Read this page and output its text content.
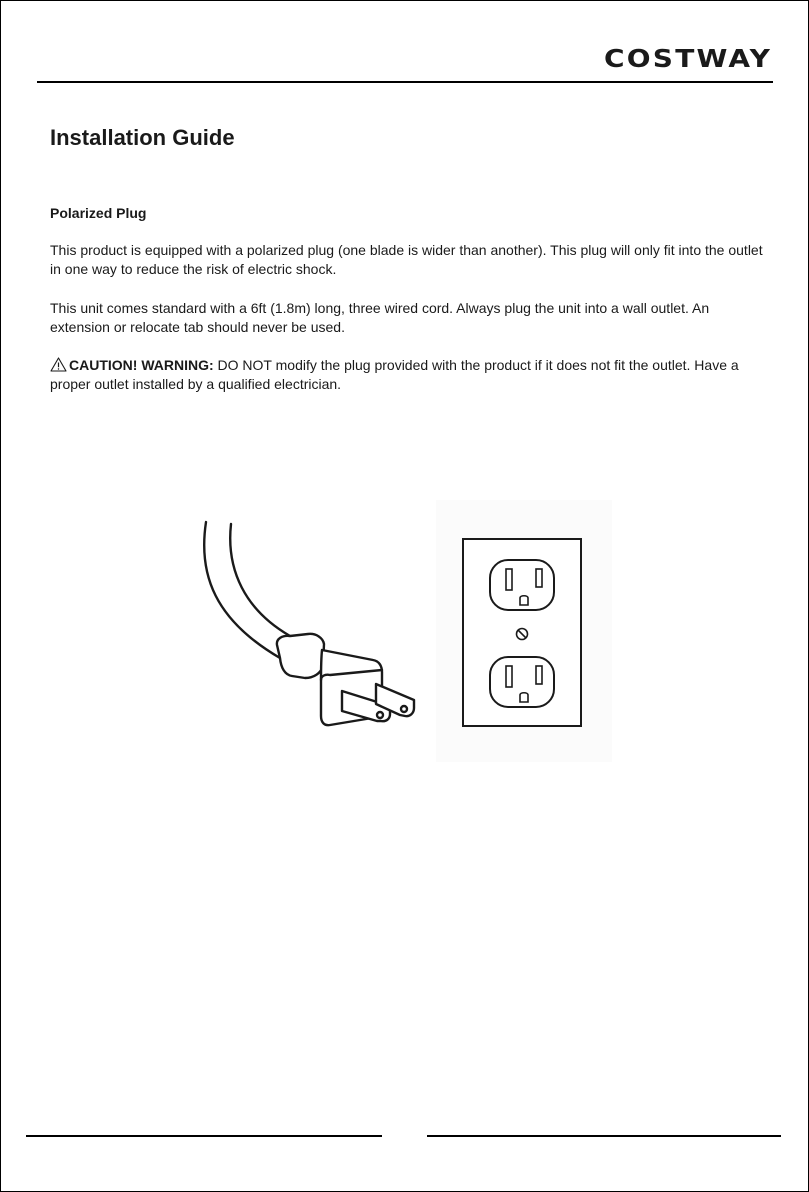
COSTWAY
Installation Guide
Polarized Plug

This product is equipped with a polarized plug (one blade is wider than another). This plug will only fit into the outlet in one way to reduce the risk of electric shock.

This unit comes standard with a 6ft (1.8m) long, three wired cord. Always plug the unit into a wall outlet. An extension or relocate tab should never be used.

CAUTION! WARNING: DO NOT modify the plug provided with the product if it does not fit the outlet. Have a proper outlet installed by a qualified electrician.
